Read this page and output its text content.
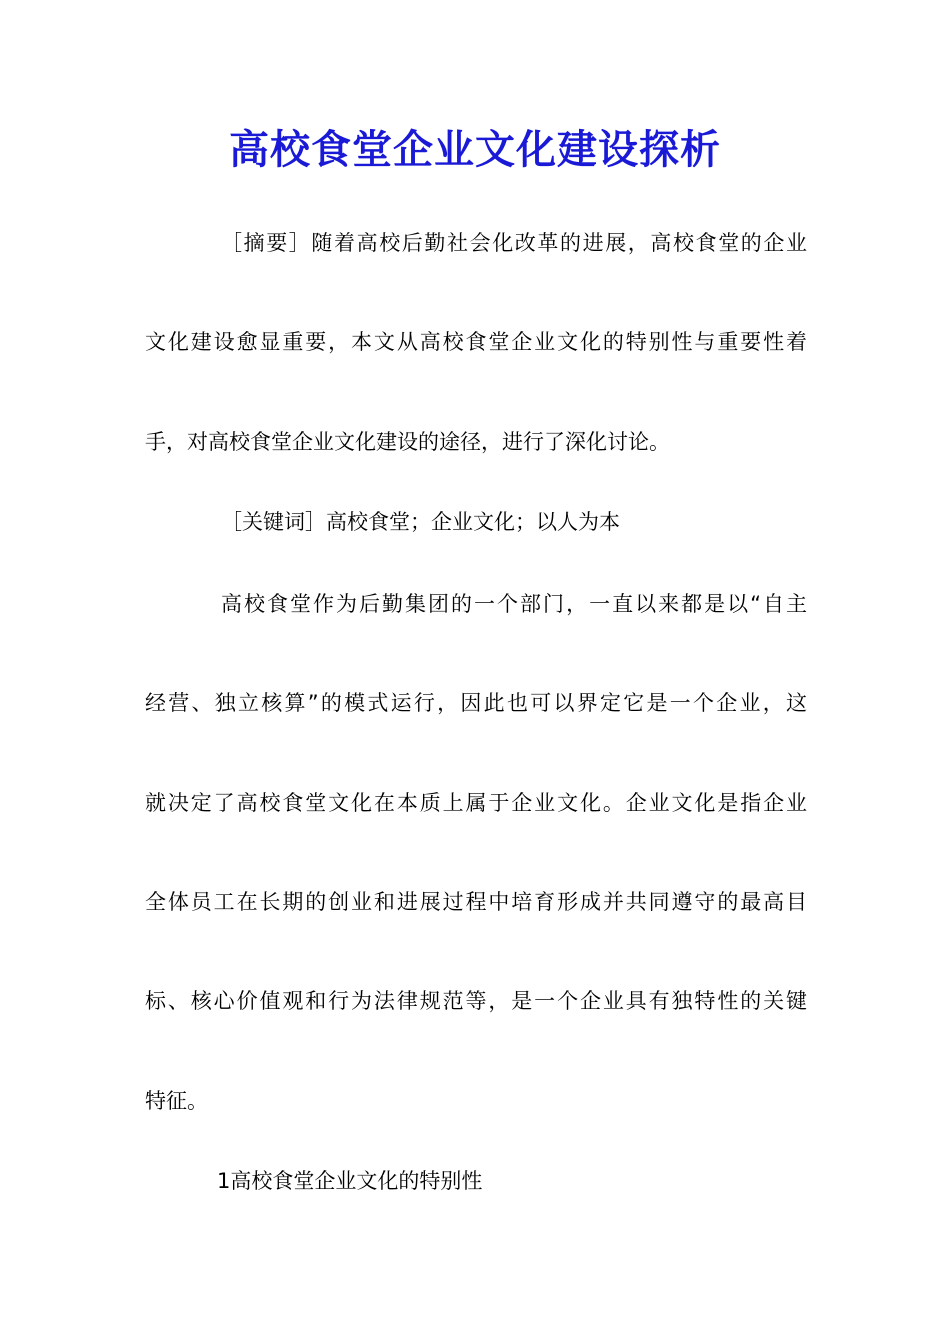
高校食堂企业文化建设探析
［摘要］随着高校后勤社会化改革的进展，高校食堂的企业
文化建设愈显重要，本文从高校食堂企业文化的特别性与重要性着
手，对高校食堂企业文化建设的途径，进行了深化讨论。
［关键词］高校食堂；企业文化；以人为本
高校食堂作为后勤集团的一个部门，一直以来都是以“自主
经营、独立核算”的模式运行，因此也可以界定它是一个企业，这
就决定了高校食堂文化在本质上属于企业文化。企业文化是指企业
全体员工在长期的创业和进展过程中培育形成并共同遵守的最高目
标、核心价值观和行为法律规范等，是一个企业具有独特性的关键
特征。
1高校食堂企业文化的特别性
